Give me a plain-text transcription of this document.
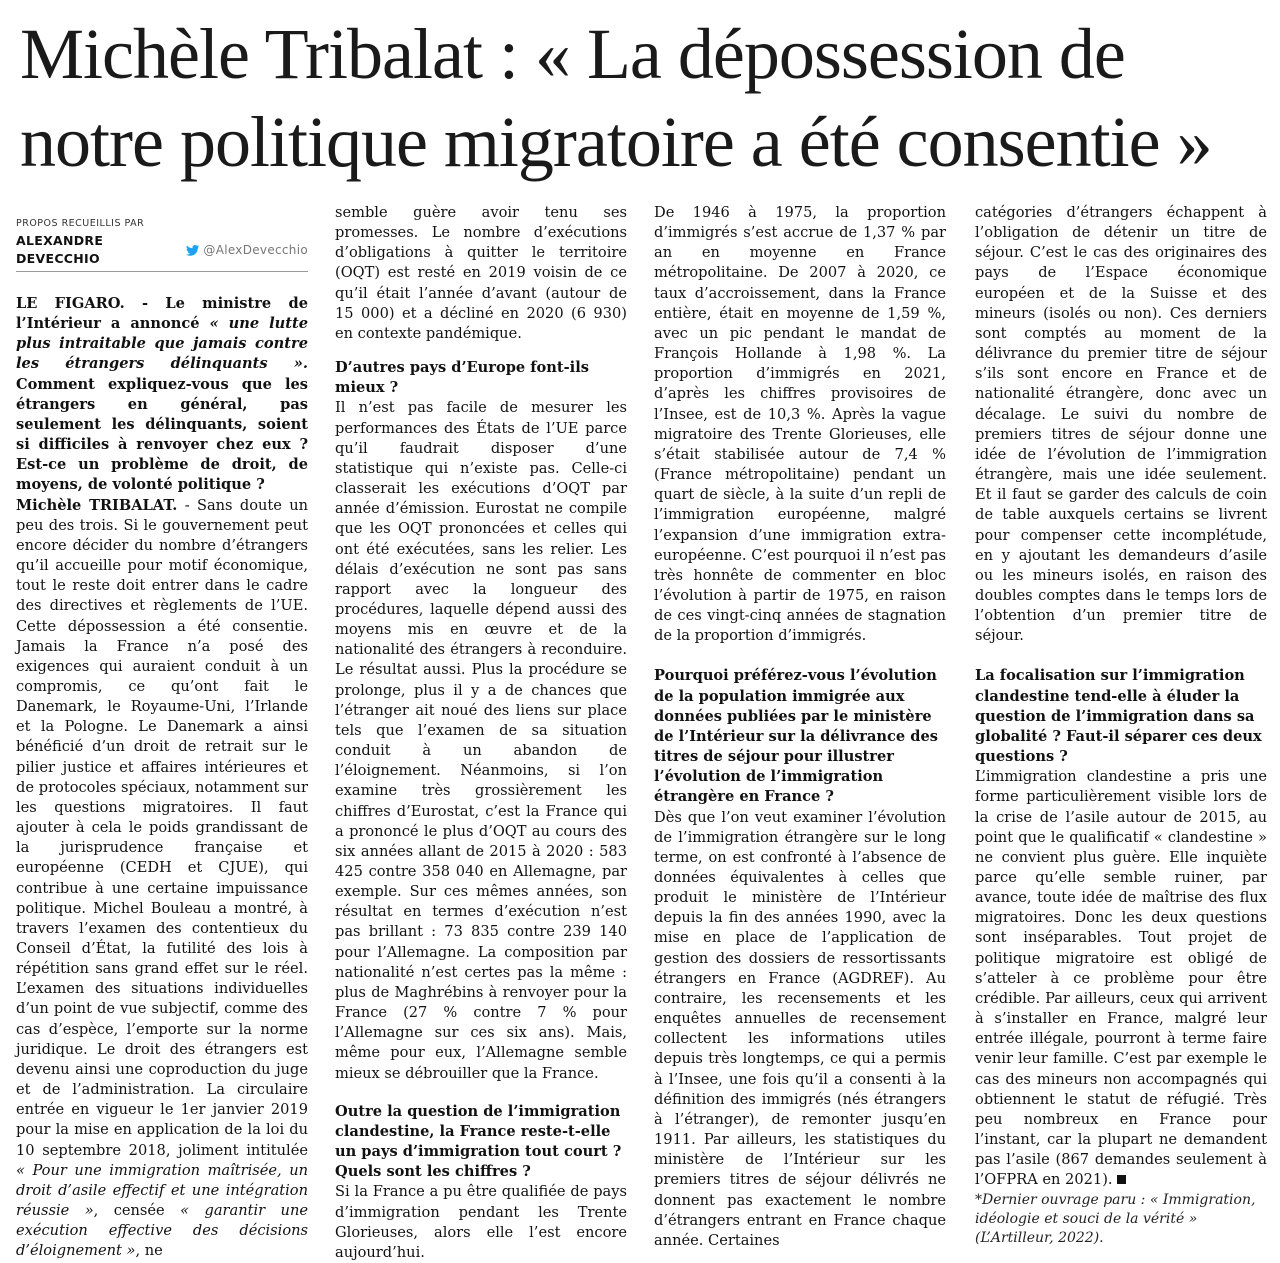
Michèle Tribalat : « La dépossession de notre politique migratoire a été consentie »
PROPOS RECUEILLIS PAR
ALEXANDRE DEVECCHIO
@AlexDevecchio

LE FIGARO. - Le ministre de l’Intérieur a annoncé « une lutte plus intraitable que jamais contre les étrangers délinquants ». Comment expliquez-vous que les étrangers en général, pas seulement les délinquants, soient si difficiles à renvoyer chez eux ? Est-ce un problème de droit, de moyens, de volonté politique ?

Michèle TRIBALAT. - Sans doute un peu des trois. Si le gouvernement peut encore décider du nombre d’étrangers qu’il accueille pour motif économique, tout le reste doit entrer dans le cadre des directives et règlements de l’UE. Cette dépossession a été consentie. Jamais la France n’a posé des exigences qui auraient conduit à un compromis, ce qu’ont fait le Danemark, le Royaume-Uni, l’Irlande et la Pologne. Le Danemark a ainsi bénéficié d’un droit de retrait sur le pilier justice et affaires intérieures et de protocoles spéciaux, notamment sur les questions migratoires. Il faut ajouter à cela le poids grandissant de la jurisprudence française et européenne (CEDH et CJUE), qui contribue à une certaine impuissance politique. Michel Bouleau a montré, à travers l’examen des contentieux du Conseil d’État, la futilité des lois à répétition sans grand effet sur le réel. L’examen des situations individuelles d’un point de vue subjectif, comme des cas d’espèce, l’emporte sur la norme juridique. Le droit des étrangers est devenu ainsi une coproduction du juge et de l’administration. La circulaire entrée en vigueur le 1er janvier 2019 pour la mise en application de la loi du 10 septembre 2018, joliment intitulée « Pour une immigration maîtrisée, un droit d’asile effectif et une intégration réussie », censée « garantir une exécution effective des décisions d’éloignement », ne

semble guère avoir tenu ses promesses. Le nombre d’exécutions d’obligations à quitter le territoire (OQT) est resté en 2019 voisin de ce qu’il était l’année d’avant (autour de 15 000) et a décliné en 2020 (6 930) en contexte pandémique.

D’autres pays d’Europe font-ils mieux ?

Il n’est pas facile de mesurer les performances des États de l’UE parce qu’il faudrait disposer d’une statistique qui n’existe pas. Celle-ci classerait les exécutions d’OQT par année d’émission. Eurostat ne compile que les OQT prononcées et celles qui ont été exécutées, sans les relier. Les délais d’exécution ne sont pas sans rapport avec la longueur des procédures, laquelle dépend aussi des moyens mis en œuvre et de la nationalité des étrangers à reconduire. Le résultat aussi. Plus la procédure se prolonge, plus il y a de chances que l’étranger ait noué des liens sur place tels que l’examen de sa situation conduit à un abandon de l’éloignement. Néanmoins, si l’on examine très grossièrement les chiffres d’Eurostat, c’est la France qui a prononcé le plus d’OQT au cours des six années allant de 2015 à 2020 : 583 425 contre 358 040 en Allemagne, par exemple. Sur ces mêmes années, son résultat en termes d’exécution n’est pas brillant : 73 835 contre 239 140 pour l’Allemagne. La composition par nationalité n’est certes pas la même : plus de Maghrébins à renvoyer pour la France (27 % contre 7 % pour l’Allemagne sur ces six ans). Mais, même pour eux, l’Allemagne semble mieux se débrouiller que la France.

Outre la question de l’immigration clandestine, la France reste-t-elle un pays d’immigration tout court ? Quels sont les chiffres ?

Si la France a pu être qualifiée de pays d’immigration pendant les Trente Glorieuses, alors elle l’est encore aujourd’hui.

De 1946 à 1975, la proportion d’immigrés s’est accrue de 1,37 % par an en moyenne en France métropolitaine. De 2007 à 2020, ce taux d’accroissement, dans la France entière, était en moyenne de 1,59 %, avec un pic pendant le mandat de François Hollande à 1,98 %. La proportion d’immigrés en 2021, d’après les chiffres provisoires de l’Insee, est de 10,3 %. Après la vague migratoire des Trente Glorieuses, elle s’était stabilisée autour de 7,4 % (France métropolitaine) pendant un quart de siècle, à la suite d’un repli de l’immigration européenne, malgré l’expansion d’une immigration extra-européenne. C’est pourquoi il n’est pas très honnête de commenter en bloc l’évolution à partir de 1975, en raison de ces vingt-cinq années de stagnation de la proportion d’immigrés.

Pourquoi préférez-vous l’évolution de la population immigrée aux données publiées par le ministère de l’Intérieur sur la délivrance des titres de séjour pour illustrer l’évolution de l’immigration étrangère en France ?

Dès que l’on veut examiner l’évolution de l’immigration étrangère sur le long terme, on est confronté à l’absence de données équivalentes à celles que produit le ministère de l’Intérieur depuis la fin des années 1990, avec la mise en place de l’application de gestion des dossiers de ressortissants étrangers en France (AGDREF). Au contraire, les recensements et les enquêtes annuelles de recensement collectent les informations utiles depuis très longtemps, ce qui a permis à l’Insee, une fois qu’il a consenti à la définition des immigrés (nés étrangers à l’étranger), de remonter jusqu’en 1911. Par ailleurs, les statistiques du ministère de l’Intérieur sur les premiers titres de séjour délivrés ne donnent pas exactement le nombre d’étrangers entrant en France chaque année. Certaines

catégories d’étrangers échappent à l’obligation de détenir un titre de séjour. C’est le cas des originaires des pays de l’Espace économique européen et de la Suisse et des mineurs (isolés ou non). Ces derniers sont comptés au moment de la délivrance du premier titre de séjour s’ils sont encore en France et de nationalité étrangère, donc avec un décalage. Le suivi du nombre de premiers titres de séjour donne une idée de l’évolution de l’immigration étrangère, mais une idée seulement. Et il faut se garder des calculs de coin de table auxquels certains se livrent pour compenser cette incomplétude, en y ajoutant les demandeurs d’asile ou les mineurs isolés, en raison des doubles comptes dans le temps lors de l’obtention d’un premier titre de séjour.

La focalisation sur l’immigration clandestine tend-elle à éluder la question de l’immigration dans sa globalité ? Faut-il séparer ces deux questions ?

L’immigration clandestine a pris une forme particulièrement visible lors de la crise de l’asile autour de 2015, au point que le qualificatif « clandestine » ne convient plus guère. Elle inquiète parce qu’elle semble ruiner, par avance, toute idée de maîtrise des flux migratoires. Donc les deux questions sont inséparables. Tout projet de politique migratoire est obligé de s’atteler à ce problème pour être crédible. Par ailleurs, ceux qui arrivent à s’installer en France, malgré leur entrée illégale, pourront à terme faire venir leur famille. C’est par exemple le cas des mineurs non accompagnés qui obtiennent le statut de réfugié. Très peu nombreux en France pour l’instant, car la plupart ne demandent pas l’asile (867 demandes seulement à l’OFPRA en 2021).

*Dernier ouvrage paru : « Immigration, idéologie et souci de la vérité »
(L’Artilleur, 2022).
